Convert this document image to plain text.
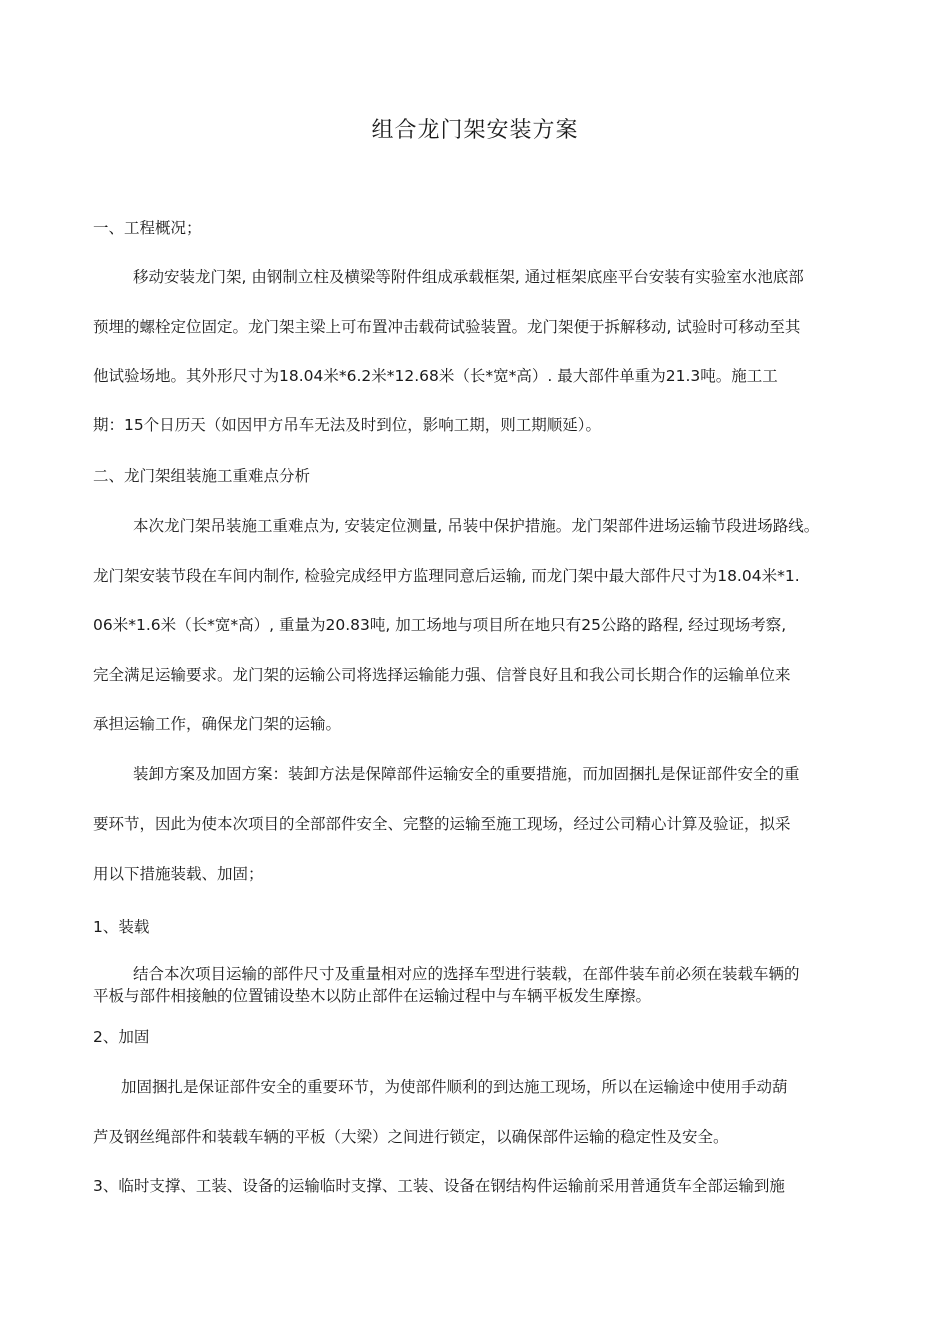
组合龙门架安装方案

一、工程概况；

移动安装龙门架, 由钢制立柱及横梁等附件组成承载框架, 通过框架底座平台安装有实验室水池底部

预埋的螺栓定位固定。龙门架主梁上可布置冲击载荷试验装置。龙门架便于拆解移动, 试验时可移动至其

他试验场地。其外形尺寸为18.04米*6.2米*12.68米（长*宽*高）. 最大部件单重为21.3吨。施工工

期：15个日历天（如因甲方吊车无法及时到位，影响工期，则工期顺延）。

二、龙门架组装施工重难点分析

本次龙门架吊装施工重难点为, 安装定位测量, 吊装中保护措施。龙门架部件进场运输节段进场路线。

龙门架安装节段在车间内制作, 检验完成经甲方监理同意后运输, 而龙门架中最大部件尺寸为18.04米*1.

06米*1.6米（长*宽*高）, 重量为20.83吨, 加工场地与项目所在地只有25公路的路程, 经过现场考察,

完全满足运输要求。龙门架的运输公司将选择运输能力强、信誉良好且和我公司长期合作的运输单位来

承担运输工作，确保龙门架的运输。

装卸方案及加固方案：装卸方法是保障部件运输安全的重要措施，而加固捆扎是保证部件安全的重

要环节，因此为使本次项目的全部部件安全、完整的运输至施工现场，经过公司精心计算及验证，拟采

用以下措施装载、加固；

1、装载

结合本次项目运输的部件尺寸及重量相对应的选择车型进行装载，在部件装车前必须在装载车辆的

平板与部件相接触的位置铺设垫木以防止部件在运输过程中与车辆平板发生摩擦。

2、加固

加固捆扎是保证部件安全的重要环节，为使部件顺利的到达施工现场，所以在运输途中使用手动葫

芦及钢丝绳部件和装载车辆的平板（大梁）之间进行锁定，以确保部件运输的稳定性及安全。

3、临时支撑、工装、设备的运输临时支撑、工装、设备在钢结构件运输前采用普通货车全部运输到施
